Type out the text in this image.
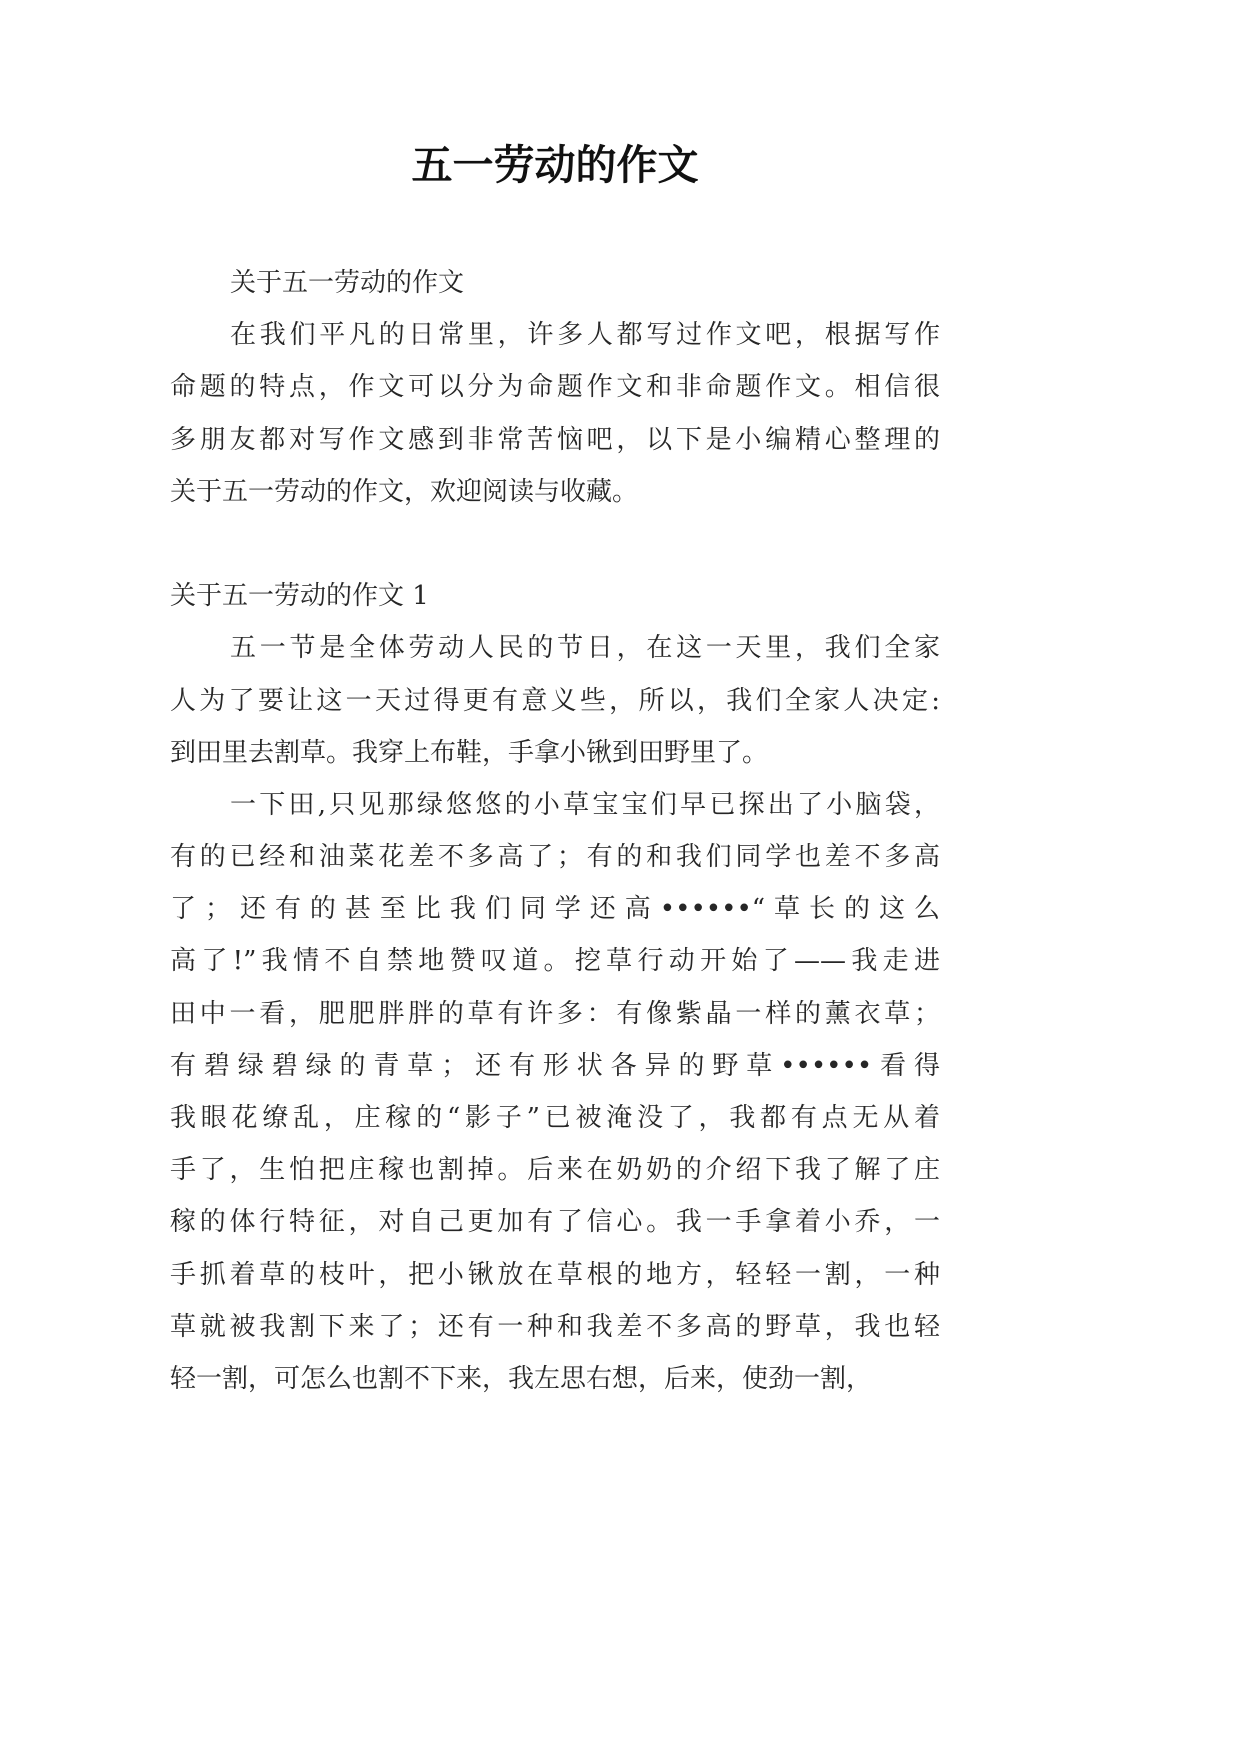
五一劳动的作文
关于五一劳动的作文
在我们平凡的日常里，许多人都写过作文吧，根据写作
命题的特点，作文可以分为命题作文和非命题作文。相信很
多朋友都对写作文感到非常苦恼吧，以下是小编精心整理的
关于五一劳动的作文，欢迎阅读与收藏。
关于五一劳动的作文 1
五一节是全体劳动人民的节日，在这一天里，我们全家
人为了要让这一天过得更有意义些，所以，我们全家人决定:
到田里去割草。我穿上布鞋，手拿小锹到田野里了。
一下田,只见那绿悠悠的小草宝宝们早已探出了小脑袋，
有的已经和油菜花差不多高了；有的和我们同学也差不多高
了；还有的甚至比我们同学还高••••••“草长的这么
高了!”我情不自禁地赞叹道。挖草行动开始了——我走进
田中一看，肥肥胖胖的草有许多：有像紫晶一样的薰衣草；
有碧绿碧绿的青草；还有形状各异的野草••••••看得
我眼花缭乱，庄稼的“影子”已被淹没了，我都有点无从着
手了，生怕把庄稼也割掉。后来在奶奶的介绍下我了解了庄
稼的体行特征，对自己更加有了信心。我一手拿着小乔，一
手抓着草的枝叶，把小锹放在草根的地方，轻轻一割，一种
草就被我割下来了；还有一种和我差不多高的野草，我也轻
轻一割，可怎么也割不下来，我左思右想，后来，使劲一割，
